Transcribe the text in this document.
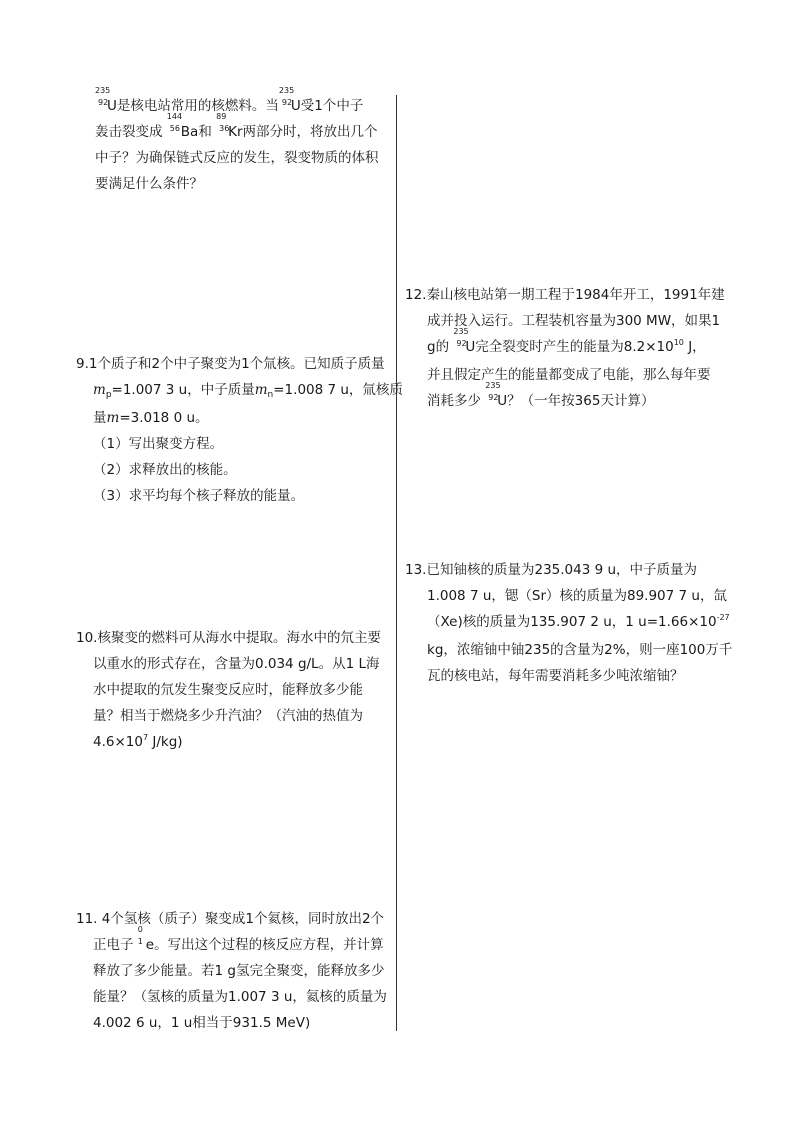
235
92
U是核电站常用的核燃料。当
235
92
U受1个中子

轰击裂变成
144
56 Ba和
89
36
Kr两部分时，将放出几个

中子？为确保链式反应的发生，裂变物质的体积

要满足什么条件？

9.1个质子和2个中子聚变为1个氚核。已知质子质量

$m_p=1.007$ 3 u，中子质量$m_n=1.008$ 7 u，氚核质

量m=3.018 0 u。

（1）写出聚变方程。

（2）求释放出的核能。

（3）求平均每个核子释放的能量。

10.核聚变的燃料可从海水中提取。海水中的氘主要

以重水的形式存在，含量为0.034 g/L。从1 L海

水中提取的氘发生聚变反应时，能释放多少能

量？相当于燃烧多少升汽油？（汽油的热值为

$4.6\times 10^7$ J/kg)

11. 4个氢核（质子）聚变成1个氦核，同时放出2个

正电子
0
1 e。写出这个过程的核反应方程，并计算

释放了多少能量。若1 g氢完全聚变，能释放多少

能量？（氢核的质量为1.007 3 u，氦核的质量为

4.002 6 u，1 u相当于931.5 MeV)

12.秦山核电站第一期工程于1984年开工，1991年建

成并投入运行。工程装机容量为300 MW，如果1

g的
235
92
U完全裂变时产生的能量为$8.2\times 10^{10}$ J，

并且假定产生的能量都变成了电能，那么每年要

消耗多少
235
92
U？（一年按365天计算）

13.已知铀核的质量为235.043 9 u，中子质量为

1.008 7 u，锶（Sr）核的质量为89.907 7 u，氙

（Xe)核的质量为135.907 2 u，1 $u=1.66\times 10^{-27}$

kg，浓缩铀中铀235的含量为2%，则一座100万千

瓦的核电站，每年需要消耗多少吨浓缩铀？
